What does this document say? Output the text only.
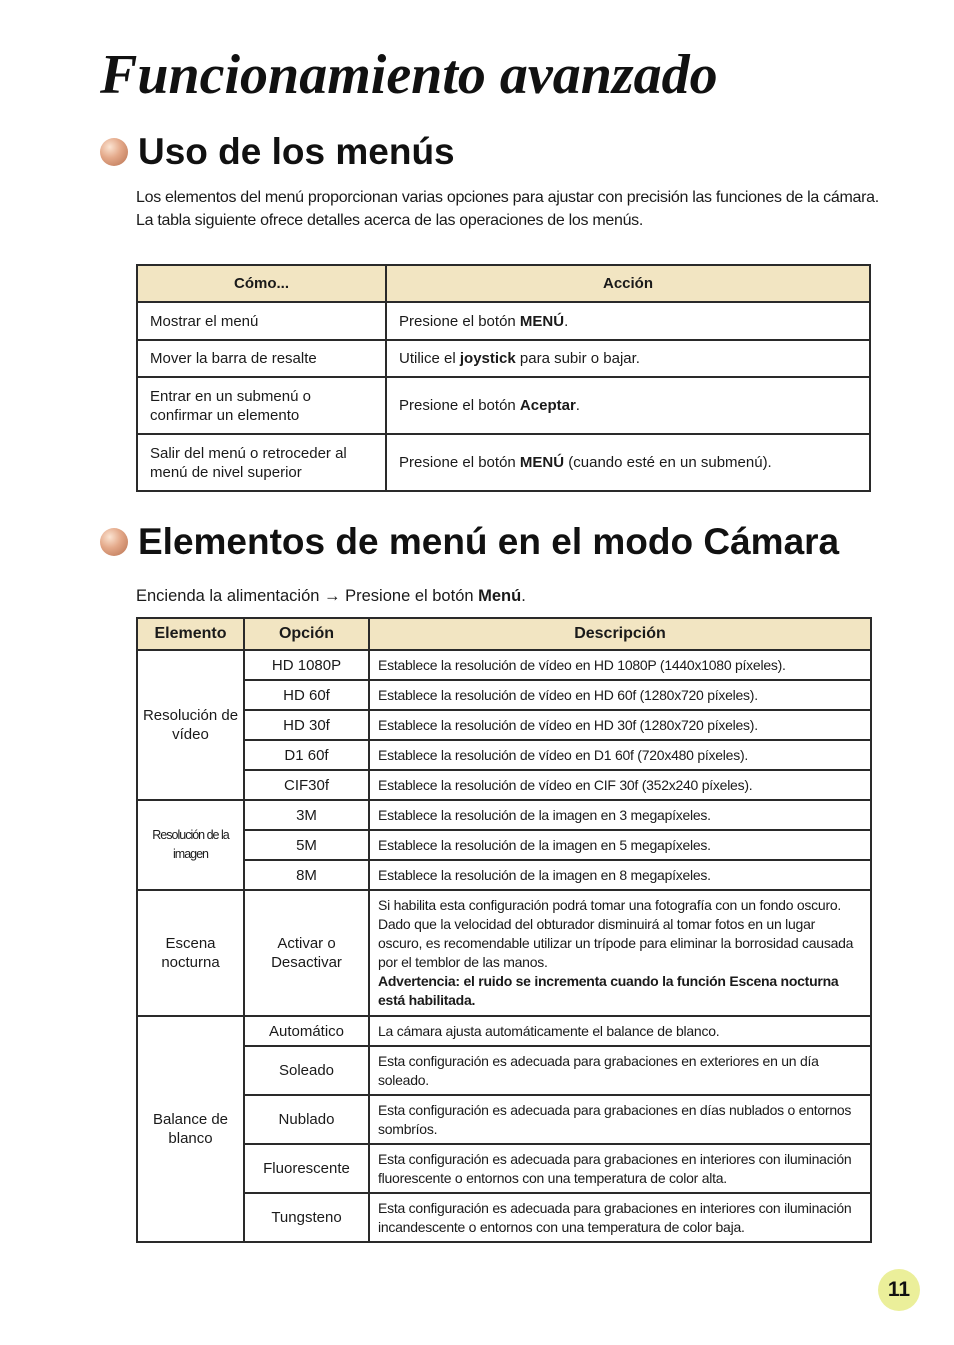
Funcionamiento avanzado
Uso de los menús

Los elementos del menú proporcionan varias opciones para ajustar con precisión las funciones de la cámara.
La tabla siguiente ofrece detalles acerca de las operaciones de los menús.

Cómo...	Acción
Mostrar el menú	Presione el botón MENÚ.
Mover la barra de resalte	Utilice el joystick para subir o bajar.
Entrar en un submenú o confirmar un elemento	Presione el botón Aceptar.
Salir del menú o retroceder al menú de nivel superior	Presione el botón MENÚ (cuando esté en un submenú).
Elementos de menú en el modo Cámara

Encienda la alimentación → Presione el botón Menú.

Elemento	Opción	Descripción
Resolución de vídeo	HD 1080P	Establece la resolución de vídeo en HD 1080P (1440x1080 píxeles).
	HD 60f	Establece la resolución de vídeo en HD 60f (1280x720 píxeles).
	HD 30f	Establece la resolución de vídeo en HD 30f (1280x720 píxeles).
	D1 60f	Establece la resolución de vídeo en D1 60f (720x480 píxeles).
	CIF30f	Establece la resolución de vídeo en CIF 30f (352x240 píxeles).
Resolución de la imagen	3M	Establece la resolución de la imagen en 3 megapíxeles.
	5M	Establece la resolución de la imagen en 5 megapíxeles.
	8M	Establece la resolución de la imagen en 8 megapíxeles.
Escena nocturna	Activar o Desactivar	Si habilita esta configuración podrá tomar una fotografía con un fondo oscuro. Dado que la velocidad del obturador disminuirá al tomar fotos en un lugar oscuro, es recomendable utilizar un trípode para eliminar la borrosidad causada por el temblor de las manos.
Advertencia: el ruido se incrementa cuando la función Escena nocturna está habilitada.
Balance de blanco	Automático	La cámara ajusta automáticamente el balance de blanco.
	Soleado	Esta configuración es adecuada para grabaciones en exteriores en un día soleado.
	Nublado	Esta configuración es adecuada para grabaciones en días nublados o entornos sombríos.
	Fluorescente	Esta configuración es adecuada para grabaciones en interiores con iluminación fluorescente o entornos con una temperatura de color alta.
	Tungsteno	Esta configuración es adecuada para grabaciones en interiores con iluminación incandescente o entornos con una temperatura de color baja.
11
